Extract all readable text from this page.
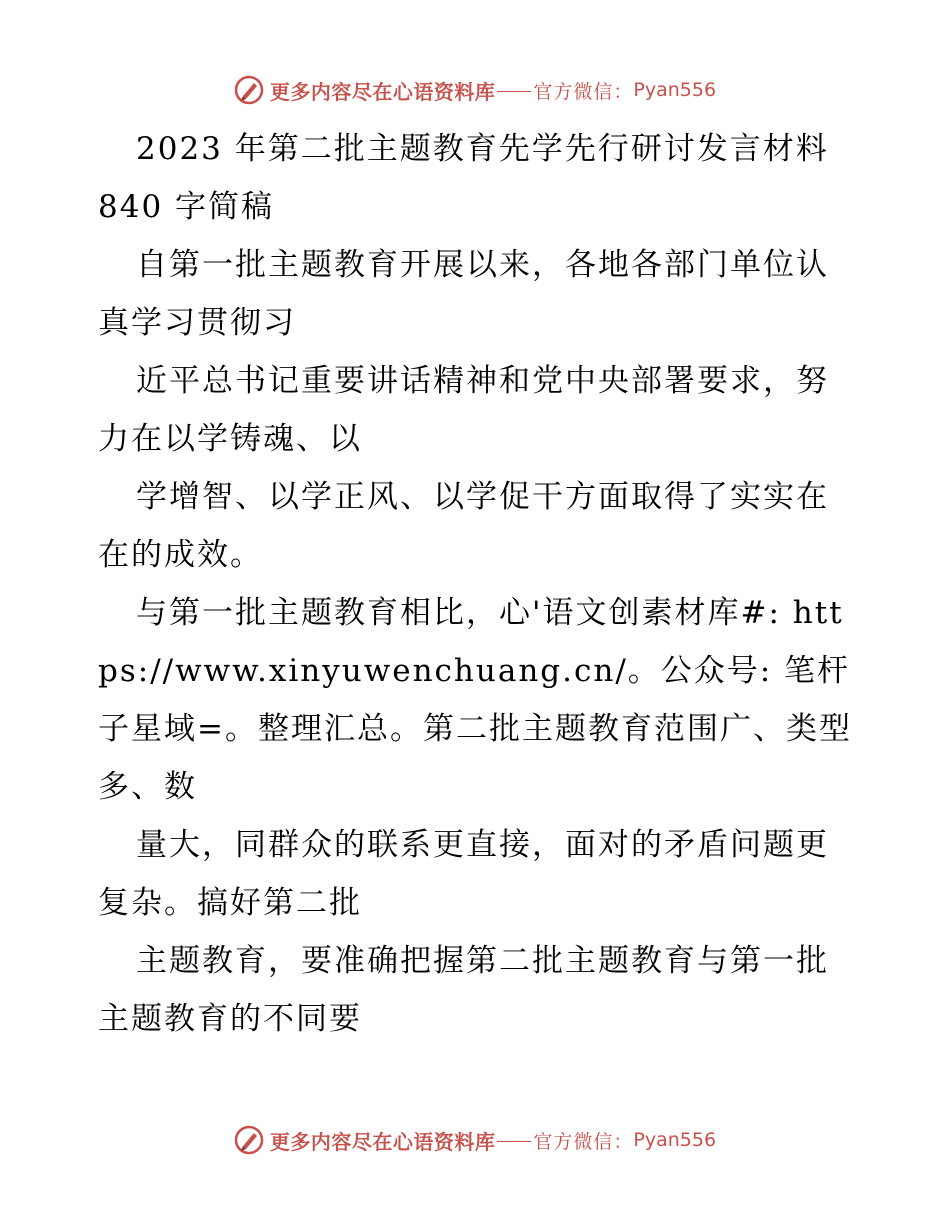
更多内容尽在心语资料库 官方微信： Pyan556

2023 年第二批主题教育先学先行研讨发言材料 840 字简稿

自第一批主题教育开展以来，各地各部门单位认真学习贯彻习

近平总书记重要讲话精神和党中央部署要求，努力在以学铸魂、以

学增智、以学正风、以学促干方面取得了实实在在的成效。

与第一批主题教育相比，心'语文创素材库#: https://www.xinyuwenchuang.cn/。公众号: 笔杆子星域=。整理汇总。第二批主题教育范围广、类型多、数

量大，同群众的联系更直接，面对的矛盾问题更复杂。搞好第二批

主题教育，要准确把握第二批主题教育与第一批主题教育的不同要

更多内容尽在心语资料库 官方微信： Pyan556
